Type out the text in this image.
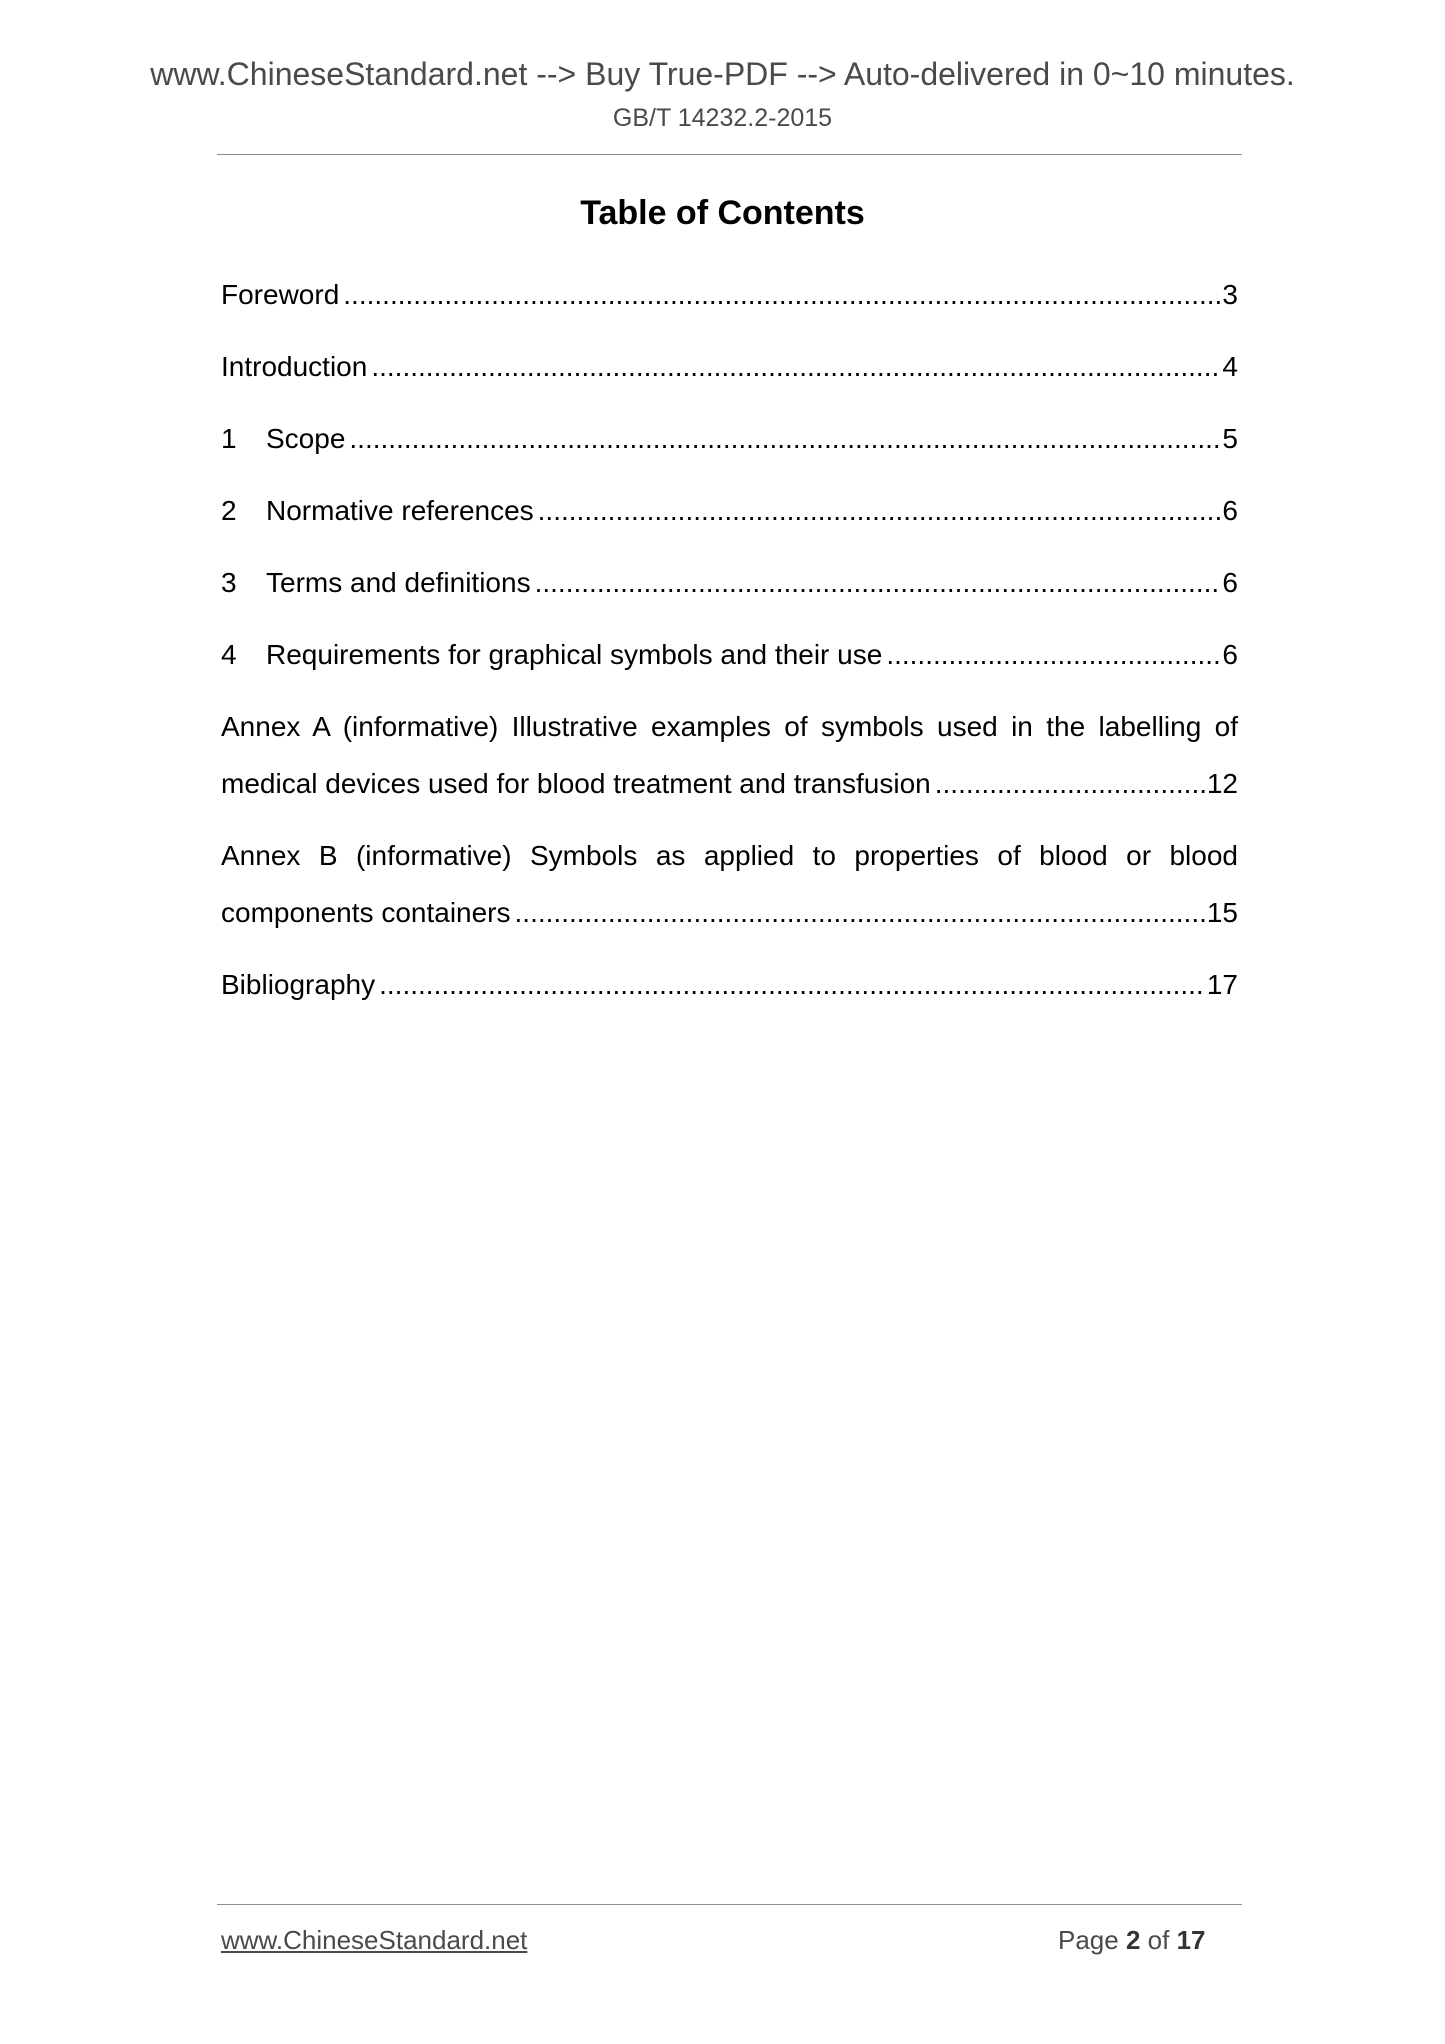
www.ChineseStandard.net --> Buy True-PDF --> Auto-delivered in 0~10 minutes.
GB/T 14232.2-2015
Table of Contents
Foreword .....	3
Introduction .....	4
1	Scope .....	5
2	Normative references .....	6
3	Terms and definitions .....	6
4	Requirements for graphical symbols and their use .....	6
Annex A (informative) Illustrative examples of symbols used in the labelling of
medical devices used for blood treatment and transfusion .....	12
Annex B (informative) Symbols as applied to properties of blood or blood
components containers .....	15
Bibliography .....	17
www.ChineseStandard.net	Page 2 of 17
